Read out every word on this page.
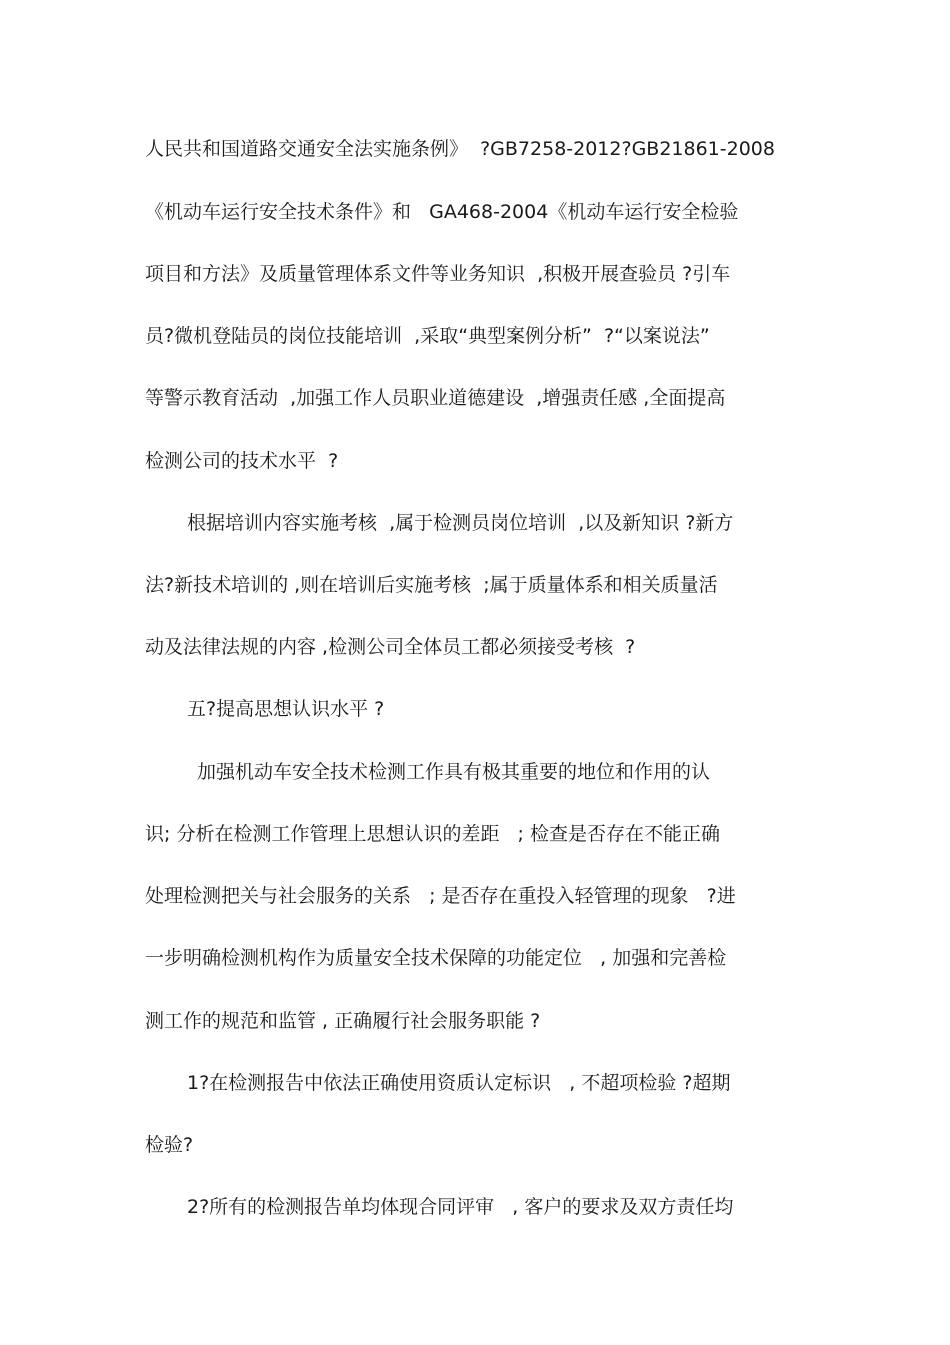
人民共和国道路交通安全法实施条例》  ?GB7258-2012?GB21861-2008
《机动车运行安全技术条件》和   GA468-2004《机动车运行安全检验
项目和方法》及质量管理体系文件等业务知识  ,积极开展查验员 ?引车
员?微机登陆员的岗位技能培训  ,采取“典型案例分析”  ?“以案说法”
等警示教育活动  ,加强工作人员职业道德建设  ,增强责任感 ,全面提高
检测公司的技术水平  ?
根据培训内容实施考核  ,属于检测员岗位培训  ,以及新知识 ?新方
法?新技术培训的 ,则在培训后实施考核  ;属于质量体系和相关质量活
动及法律法规的内容 ,检测公司全体员工都必须接受考核  ?
五?提高思想认识水平 ?
加强机动车安全技术检测工作具有极其重要的地位和作用的认
识; 分析在检测工作管理上思想认识的差距   ; 检查是否存在不能正确
处理检测把关与社会服务的关系   ; 是否存在重投入轻管理的现象   ?进
一步明确检测机构作为质量安全技术保障的功能定位   , 加强和完善检
测工作的规范和监管 , 正确履行社会服务职能 ?
1?在检测报告中依法正确使用资质认定标识   , 不超项检验 ?超期
检验?
2?所有的检测报告单均体现合同评审   , 客户的要求及双方责任均
